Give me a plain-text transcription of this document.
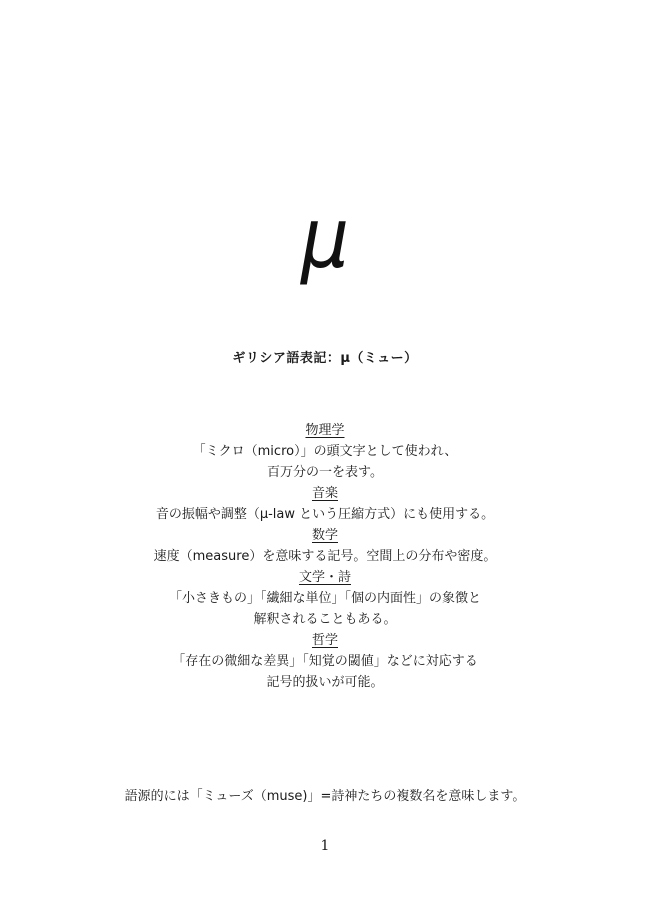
μ
ギリシア語表記：μ（ミュー）
物理学
「ミクロ（micro）」の頭文字として使われ、
百万分の一を表す。
音楽
音の振幅や調整（μ-law という圧縮方式）にも使用する。
数学
速度（measure）を意味する記号。空間上の分布や密度。
文学・詩
「小さきもの」「繊細な単位」「個の内面性」の象徴と
解釈されることもある。
哲学
「存在の微細な差異」「知覚の閾値」などに対応する
記号的扱いが可能。
語源的には「ミューズ（muse)」=詩神たちの複数名を意味します。
1
